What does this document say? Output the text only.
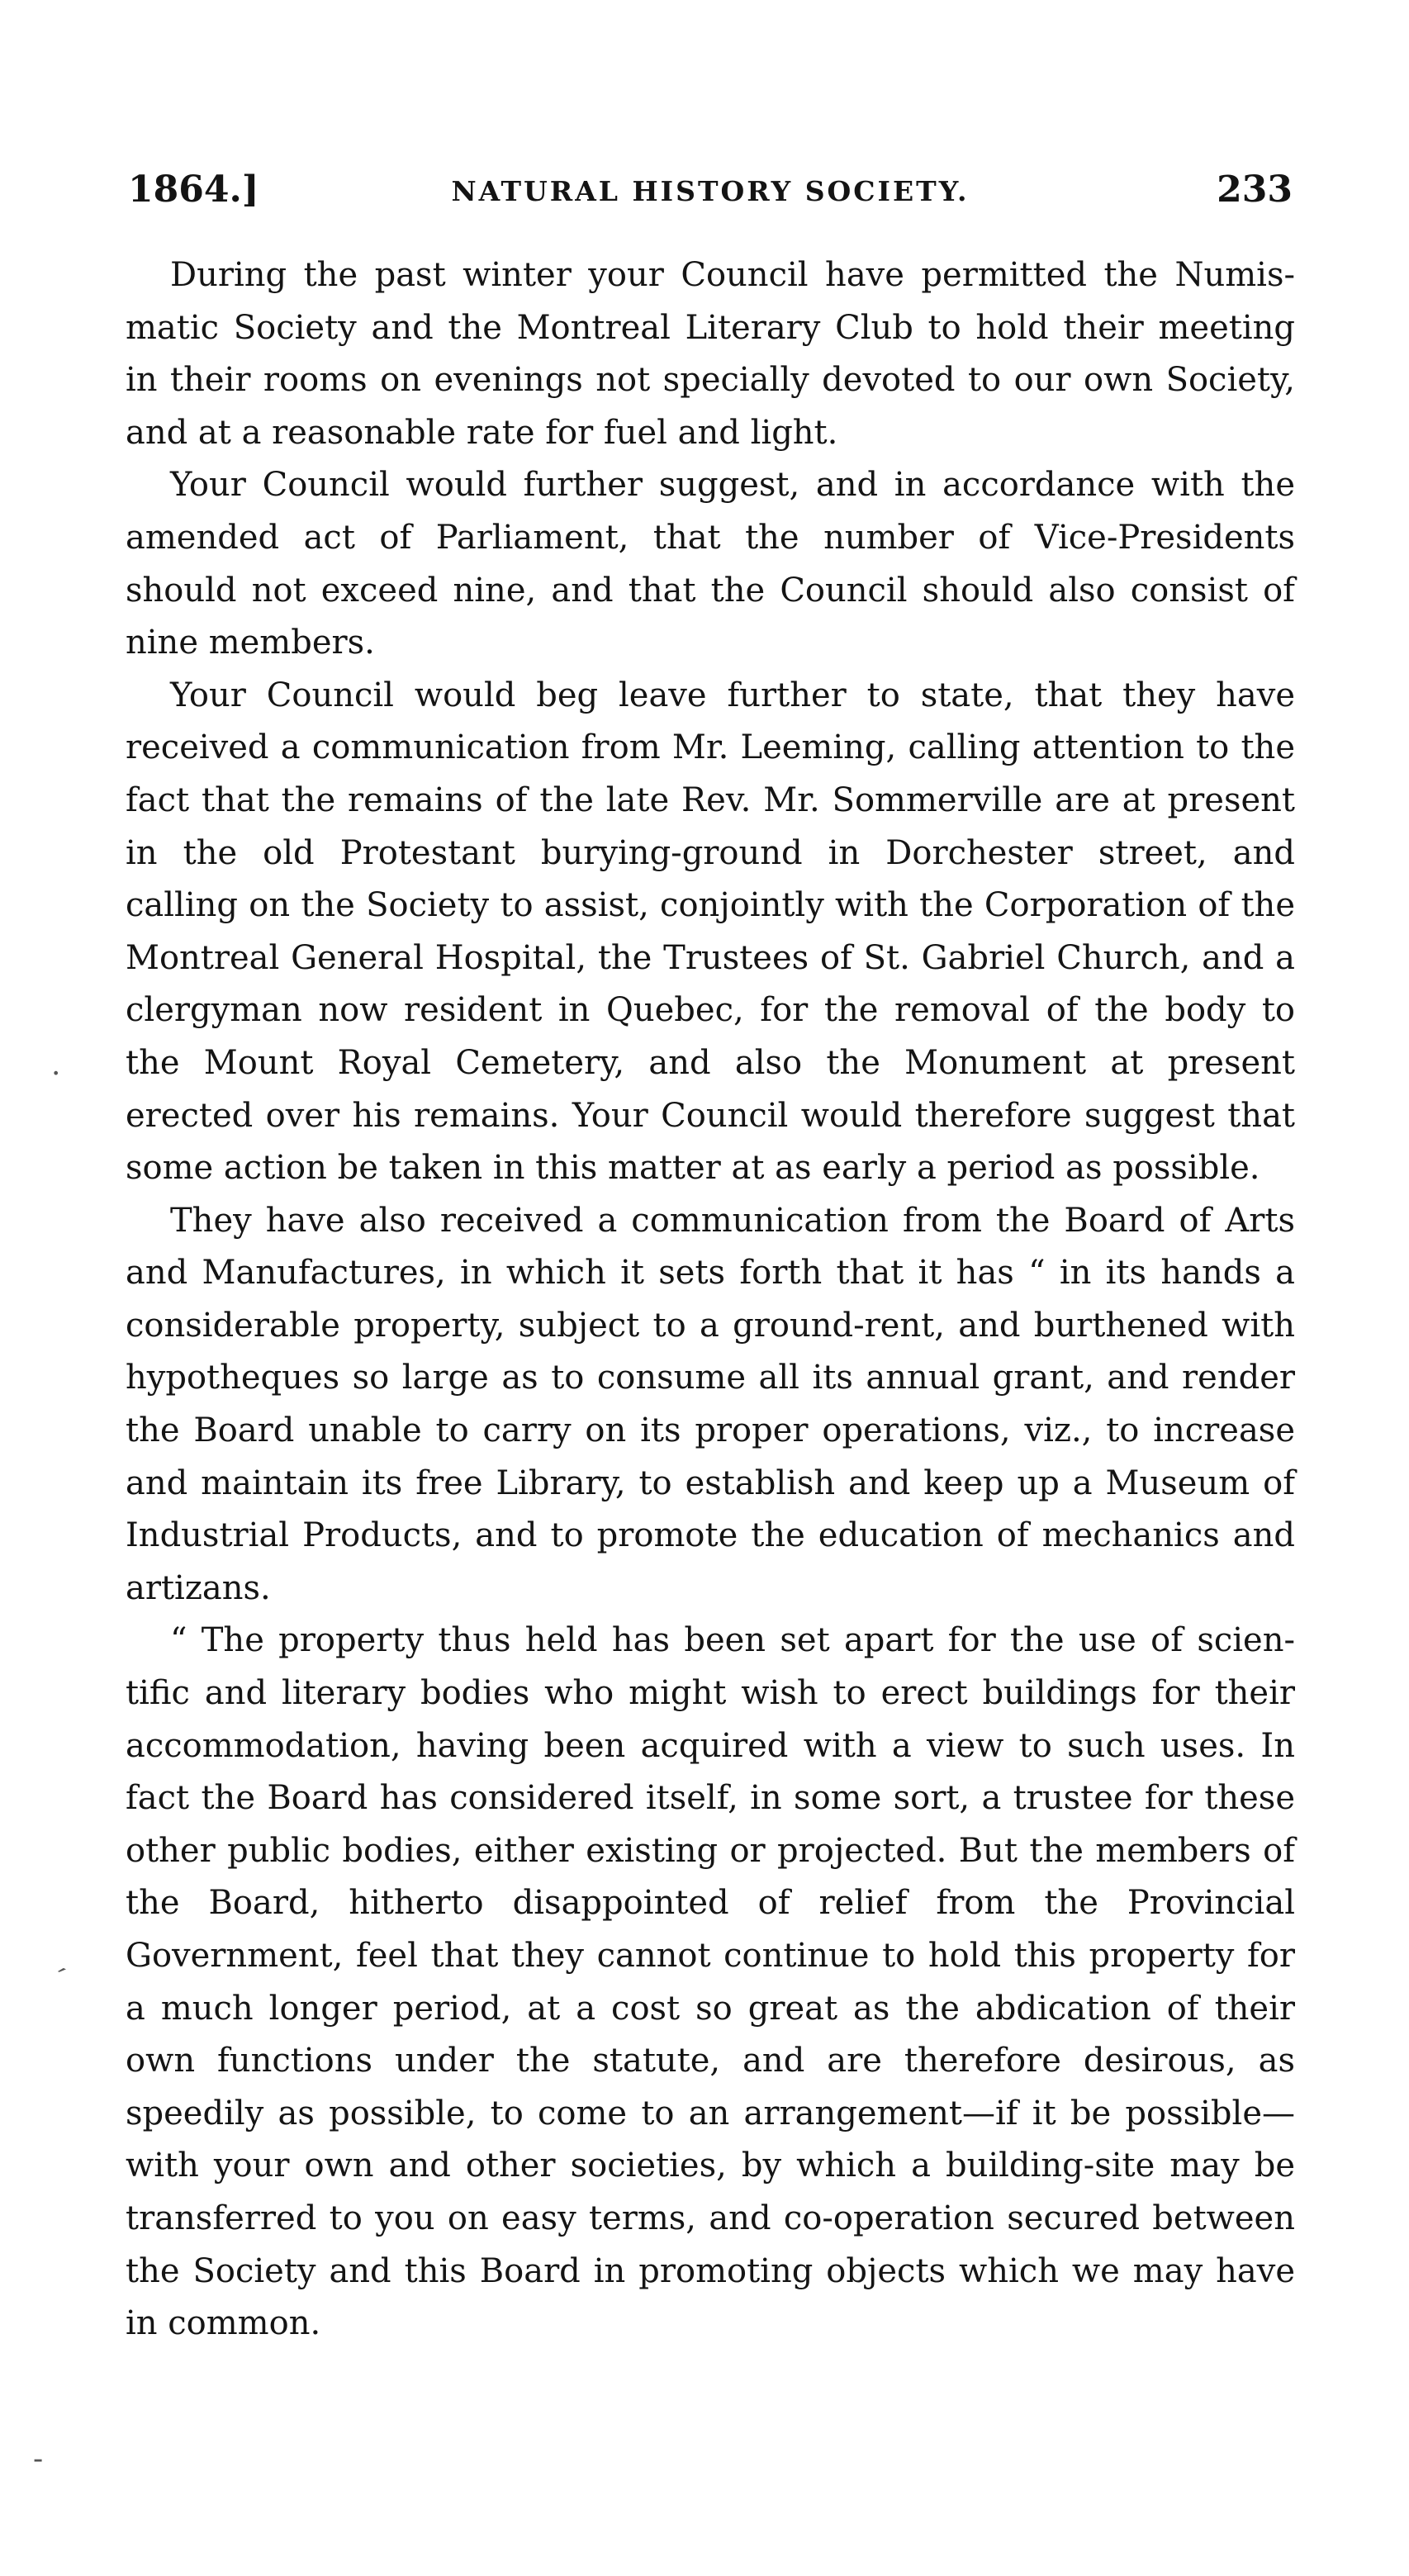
1864.]	NATURAL HISTORY SOCIETY.	233

During the past winter your Council have permitted the Numismatic Society and the Montreal Literary Club to hold their meeting in their rooms on evenings not specially devoted to our own Society, and at a reasonable rate for fuel and light.

Your Council would further suggest, and in accordance with the amended act of Parliament, that the number of Vice-Presidents should not exceed nine, and that the Council should also consist of nine members.

Your Council would beg leave further to state, that they have received a communication from Mr. Leeming, calling attention to the fact that the remains of the late Rev. Mr. Sommerville are at present in the old Protestant burying-ground in Dorchester street, and calling on the Society to assist, conjointly with the Corporation of the Montreal General Hospital, the Trustees of St. Gabriel Church, and a clergyman now resident in Quebec, for the removal of the body to the Mount Royal Cemetery, and also the Monument at present erected over his remains. Your Council would therefore suggest that some action be taken in this matter at as early a period as possible.

They have also received a communication from the Board of Arts and Manufactures, in which it sets forth that it has “ in its hands a considerable property, subject to a ground-rent, and burthened with hypotheques so large as to consume all its annual grant, and render the Board unable to carry on its proper operations, viz., to increase and maintain its free Library, to establish and keep up a Museum of Industrial Products, and to promote the education of mechanics and artizans.

“ The property thus held has been set apart for the use of scientific and literary bodies who might wish to erect buildings for their accommodation, having been acquired with a view to such uses. In fact the Board has considered itself, in some sort, a trustee for these other public bodies, either existing or projected. But the members of the Board, hitherto disappointed of relief from the Provincial Government, feel that they cannot continue to hold this property for a much longer period, at a cost so great as the abdication of their own functions under the statute, and are therefore desirous, as speedily as possible, to come to an arrangement—if it be possible—with your own and other societies, by which a building-site may be transferred to you on easy terms, and co-operation secured between the Society and this Board in promoting objects which we may have in common.

·
ˊ
-
